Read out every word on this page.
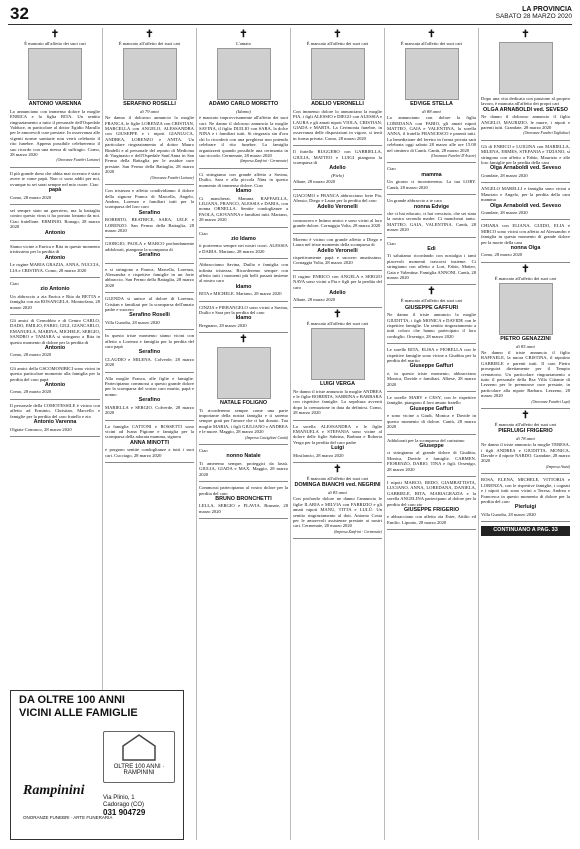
32	LA PROVINCIA
SABATO 28 MARZO 2020
✝
È mancato all'affetto dei suoi cari
ANTONIO VARENNA
Lo annunciano con immenso dolore la moglie ENRICA e la figlia RITA. Un sentito ringraziamento a tutto il personale dell'Ospedale Valduce, in particolare al dottor Egidio Marullo per le amorevoli cure prestate. In osservanza alle vigenti norme sanitarie non verrà celebrato il rito funebre. Appena possibile celebreremo il suo ricordo con una messa di suffragio. Como, 28 marzo 2020
(Onoranze Funebri Lariane)
Il più grande dono che abbia mai ricevuto è stato avere te come papà. Non ci sono addii per noi, ovunque tu sei sarai sempre nel mio cuore. Ciao
papà
Como, 28 marzo 2020
sei sempre stato un guerriero, ma la battaglia contro questo virus ti ha portato lontano da noi. Ciao fratellone. ERMINIO. Ronago, 28 marzo 2020
Antonio
Siamo vicine a Enrica e Rita in questo momento tristissimo per la perdita di
Antonio
Le cugine MARIA GRAZIA, ANNA, NUCCIA, LIA e CRISTINA. Como, 28 marzo 2020
Ciao
zio Antonio
Un abbraccio a zia Enrica e Rita da BETTA e famiglia con zia ROSANGELA. Montorfano, 28 marzo 2020
Gli amici di Cernobbio e di Centro CARLO, DADO, EMILIO, FABIO, GIGI, GIANCARLO, EMANUELA, MARINA, MICHELE, SERGIO, SANDRO e TAMARA si stringono a Rita in questo momento di dolore per la perdita di
Antonio
Como, 28 marzo 2020
Gli amici della GSCOMONIBICI sono vicini in questo particolare momento alla famiglia per la perdita del caro papà
Antonio
Como, 28 marzo 2020
Il personale della COMOTESSILE è vicino con affetto ad Erminio, Christian, Marcello e famiglie per la perdita del caro fratello e zio
Antonio Varenna
Olgiate Comasco, 28 marzo 2020
✝
È mancato all'affetto dei suoi cari
SERAFINO ROSELLI
di 79 anni
Ne danno il doloroso annuncio la moglie FRANCA, le figlie LORENZA con CRISTIAN, MARCELLA con ANGELO, ALESSANDRA con GIUSEPPE e i nipoti GIANLUCA, ANDREA, LORENZO e ANITA. Un particolare ringraziamento al dottor Mauro Bindelli e al personale del reparto di Medicina di Varginasio e dell'Ospedale Sant'Anna in San Fermo della Battaglia per le assidue cure prestate. San Fermo della Battaglia, 28 marzo 2020
(Onoranze Funebri Lariane)
Con tristezza e affetto condividiamo il dolore della signora Franca di Marcella, Angelo, Andrea, Lorenzo e familiari tutti per la scomparsa del loro caro
Serafino
ROBERTO, BEATRICE, SARA, LELE e LORENZO. San Fermo della Battaglia, 28 marzo 2020
GIORGIO, PAOLA e MARCO profondamente addolorati, piangono la scomparsa di
Serafino
e si stringono a Franca, Marcella, Lorenza, Alessandra e rispettive famiglie in un forte abbraccio. San Fermo della Battaglia, 28 marzo 2020
GLENDA si unisce al dolore di Lorenza, Cristian e familiari per la scomparsa dell'amato padre e suocero
Serafino Roselli
Villa Guardia, 28 marzo 2020
In questo triste momento siamo vicini con affetto a Lorenza e famiglia per la perdita del caro papà
Serafino
CLAUDIO e MILENA. Colverde, 28 marzo 2020
Alla moglie Franca, alle figlie e famiglie. Partecipiamo commossi a questo grande dolore per la scomparsa del vostro caro marito, papà e nonno
Serafino
MARIELLA e SERGIO. Colverde, 28 marzo 2020
La famiglia CATTONI e ROSSETTI sono vicini ad Ivana Pigione e famiglia per la scomparsa della adorata mamma, signora
ANNA MINOTTI
e porgono sentite condoglianze a tutti i suoi cari. Cucciago, 28 marzo 2020
✝
L'amato
ADAMO CARLO MORETTO
(Idamo)
è mancato improvvisamente all'affetto dei suoi cari. Ne danno il doloroso annuncio la moglie SAVINA, il figlio DUILIO con SARA, la dolce NINA e i familiari tutti. Si ringrazia sin d'ora chi lo ricorderà con una preghiera non potendo celebrare il rito funebre. La famiglia organizzerà quando possibile una cerimonia in suo ricordo. Cermenate, 28 marzo 2020
(Impresa Zanfrini - Cermenate)
Ci stringiamo con grande affetto a Savina, Duilio, Sara e alla piccola Nina in questo momento di immenso dolore. Ciao
Idamo
Ci mancherai. Mamma RAFFAELLA, LILIANA, FRANCO, ALESSIA e DARIA, con nonna ORNELLA. Sentite condoglianze a PAOLA, GIOVANNA e familiari tutti. Mariano, 28 marzo 2020
Ciao
zio Idamo
ti porteremo sempre nei nostri cuori. ALESSIA e DARIA. Mariano, 28 marzo 2020
Abbracciamo Savina, Duilio e famiglia con infinita tristezza. Ricorderemo sempre con affetto tutti i momenti più belli passati insieme al nostro caro
Idamo
RITA e MICHELE. Mariano, 28 marzo 2020
CINZIA e PIERANGELO sono vicini a Savina, Duilio e Sara per la perdita del caro
Idamo
Bregnano, 28 marzo 2020
✝
NATALE FOLIGNO
Ti ricorderemo sempre come una parte importante della nostra famiglia e ti saremo sempre grati per l'amore che ci hai donato. Tua moglie MARIA, i figli GIULIANO e ANDREA e le nuore. Maggio, 28 marzo 2020
(Impresa Castiglioni Cantù)
Ciao
nonno Natale
Ti ameremo sempre, proteggici da lassù. GIULIA, GIADA e MAX. Maggio, 28 marzo 2020
Commossi partecipiamo al vostro dolore per la perdita del caro
BRUNO BRONCHETTI
LELLA, SERGIO e FLAVIA. Brunate, 28 marzo 2020
✝
È mancato all'affetto dei suoi cari
ADELIO VERONELLI
Con immenso dolore lo annunciano la moglie PIA, i figli ALESSIO e DIEGO con ALESSIA e LAURA e gli amati nipoti VIOLA, CRISTIAN, GIADA e MARTA. La Cerimonia funebre, in osservanza delle disposizioni in vigore, si terrà in forma privata. Como, 28 marzo 2020
Il fratello RUGGERO con GABRIELLA, GIULIA, MATTEO e LUIGI piangono la scomparsa di
Adelio
(Pielo)
Albate, 28 marzo 2020
GIACOMO e FRANCA abbracciano forte Pia, Alessio, Diego e Laura per la perdita del caro
Adelio Veronelli
consuocero e Intimo amico e sono vicini al loro grande dolore. Cornaggia Volta, 28 marzo 2020
Moreno è vicino con grande affetto a Diego e Laura nel triste momento della scomparsa di
Adelio Veronelli
rispettivamente papà e suocero amatissimo. Cornaggia Volta, 28 marzo 2020
Il cugino ENRICO con ANGELA e SERGIO NAVA sono vicini a Pia e figli per la perdita del caro
Adelio
Albate, 28 marzo 2020
✝
È mancato all'affetto dei suoi cari
LUIGI VERGA
Ne danno il triste annuncio la moglie ANDREA e le figlie ROBERTA, SABRINA e BARBARA con rispettive famiglie. La sepoltura avverrà dopo la cremazione in data da definirsi. Como, 28 marzo 2020
La sorella ALESSANDRA e le figlie EMANUELA e STEFANIA sono vicine al dolore delle figlie Sabrina, Barbara e Roberta Verga per la perdita del caro padre
Luigi
Mosilancio, 28 marzo 2020
✝
È mancato all'affetto dei suoi cari
DOMINGA BIANCHI ved. NEGRINI
di 85 anni
Con profondo dolore ne danno l'annuncio le figlie ILARIA e MILVIA con FABRIZIO e gli amati nipoti MANU, TITTA e LULÙ. Un sentito ringraziamento al dott. Antonio Costa per le amorevoli assistenze prestate ai nostri cari. Cermenate, 28 marzo 2020
(Impresa Zanfrini - Cermenate)
✝
È mancata all'affetto dei suoi cari
EDVIGE STELLA
di 88 anni
Lo annunciano con dolore la figlia LOREDANA con FABIO, gli amati nipoti MATTEO, GAIA e VALENTINA, la sorella ANNA, il fratello FRANCESCO e parenti tutti. La benedizione del feretro in forma privata sarà celebrata oggi sabato 28 marzo alle ore 15.00 nel cimitero di Cantù. Cantù, 28 marzo 2020
(Onoranze Funebri D'Astore)
Ciao
mamma
Un giorno ci incontreremo. La tua LORY. Cantù, 28 marzo 2020
Un grande abbraccio a te cara
nonna Edvige
che ci hai educato, ci hai cresciuto, che sei stata la nostra seconda madre. Ci mancherai tanto. MATTEO, GAIA, VALENTINA. Cantù, 28 marzo 2020
Ciao
Edi
Ti salutiamo ricordando con nostalgia i tanti piacevoli momenti trascorsi insieme. Ci stringiamo con affetto a Lori, Fabio, Matteo, Gaia e Valentina. Famiglia ANNONI. Cantù, 28 marzo 2020
✝
È mancato all'affetto dei suoi cari
GIUSEPPE GAFFURI
Ne danno il triste annuncio la moglie GIUDITTA, i figli MONICA e DAVIDE con le rispettive famiglie. Un sentito ringraziamento a tutti coloro che hanno partecipato il loro cordoglio. Orsenigo, 28 marzo 2020
Le sorelle RITA, ELISA e FIORELLA con le rispettive famiglie sono vicine a Giuditta per la perdita del marito
Giuseppe Gaffuri
e, in questo triste momento, abbracciano Monica, Davide e familiari. Albese, 28 marzo 2020
Le sorelle MARY e CESY, con le rispettive famiglie, piangono il loro amato fratello
Giuseppe Gaffuri
e sono vicine a Giudi, Monica e Davide in questo momento di dolore. Cantù, 28 marzo 2020
Addolorati per la scomparsa del carissimo
Giuseppe
ci stringiamo al grande dolore di Giuditta, Monica, Davide e famiglie. CARMEN, FIORENZO, DARIO, TINA e figli. Orsenigo, 28 marzo 2020
I nipoti MARCO, REDO, GIAMBATTISTA, LUCIANO, ANNA, LOREDANA, DANIELA, GABRIELE, RITA, MARIAGRAZIA e la sorella ANGELINA partecipano al dolore per la perdita del caro zio
GIUSEPPE FRIGERIO
e abbracciano con affetto zia Ester, Attilio ed Emilio. Liponio, 28 marzo 2020
✝
Dopo una vita dedicata con passione al proprio lavoro, è mancata all'affetto dei propri cari
OLGA ARNABOLDI ved. SEVESO
Ne danno il doloroso annuncio il figlio ANGELO, MAURIZIO, le nuore, i nipoti e parenti tutti. Grandate, 28 marzo 2020
(Onoranze Funebri Tagliabue)
Gli di ENRICO e LUIGINA con MARIELLA, MILENA, ERMES, STEFANIA e TIZIANO, si stringono con affetto a Fabio, Maurizio e alle loro famiglie per la perdita della cara
Olga Arnaboldi ved. Seveso
Grandate, 28 marzo 2020
ANGELO MARELLI e famiglia sono vicini a Maurizio e Angelo, per la perdita della cara mamma
Olga Arnaboldi ved. Seveso
Grandate, 28 marzo 2020
CHIARA con ELIANA, GUIDO, ELIA e MIRCO sono vicini con affetto ad Alessandro e famiglia in questo momento di grande dolore per la morte della cara
nonna Olga
Como, 28 marzo 2020
✝
È mancato all'affetto dei suoi cari
PIETRO GENAZZINI
di 85 anni
Ne danno il triste annuncio il figlio RAFFAELE, la nuora CRISTINA, il nipotino GABRIELE e parenti tutti. Il caro Pietro proseguirà direttamente per il Tempio crematorio. Un particolare ringraziamento a tutto il personale della Rsa Villa Cittante di Lezzeno per le premurose cure prestate, in particolare alla nipote Barbara. Lezzeno, 28 marzo 2020
(Onoranze Funebri Lupi)
✝
È mancato all'affetto dei suoi cari
PIERLUIGI FRIGERIO
di 78 anni
Ne danno il triste annuncio la moglie TERESA, i figli ANDREA e GIUDITTA, MONICA, Davide e il nipote NARDO. Grandate, 28 marzo 2020
(Impresa Aiani)
ROSA, ELENA, MICHELE, VITTORIA e LORENZA, con le rispettive famiglie, i cognati e i nipoti tutti sono vicini a Teresa, Andrea e Francesca in questo momento di dolore per la perdita del caro
Pierluigi
Villa Guardia, 28 marzo 2020
CONTINUANO A PAG. 33
DA OLTRE 100 ANNI
VICINI ALLE FAMIGLIE
OLTRE 100 ANNI · RAMPININI
Rampinini	Via Plinio, 1
Cadorago (CO)
031 904729
ONORANZE FUNEBRI · ARTE FUNERARIA
